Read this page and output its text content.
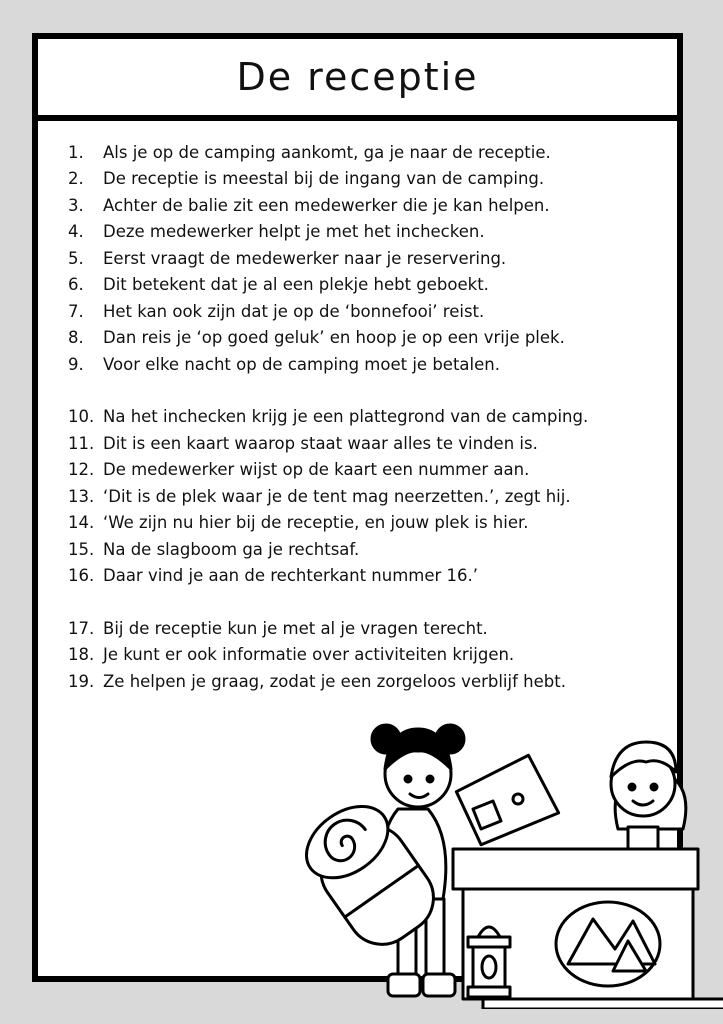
De receptie
1.	Als je op de camping aankomt, ga je naar de receptie.
2.	De receptie is meestal bij de ingang van de camping.
3.	Achter de balie zit een medewerker die je kan helpen.
4.	Deze medewerker helpt je met het inchecken.
5.	Eerst vraagt de medewerker naar je reservering.
6.	Dit betekent dat je al een plekje hebt geboekt.
7.	Het kan ook zijn dat je op de ‘bonnefooi’ reist.
8.	Dan reis je ‘op goed geluk’ en hoop je op een vrije plek.
9.	Voor elke nacht op de camping moet je betalen.
10. Na het inchecken krijg je een plattegrond van de camping.
11. Dit is een kaart waarop staat waar alles te vinden is.
12. De medewerker wijst op de kaart een nummer aan.
13. ‘Dit is de plek waar je de tent mag neerzetten.’, zegt hij.
14. ‘We zijn nu hier bij de receptie, en jouw plek is hier.
15. Na de slagboom ga je rechtsaf.
16. Daar vind je aan de rechterkant nummer 16.’
17. Bij de receptie kun je met al je vragen terecht.
18. Je kunt er ook informatie over activiteiten krijgen.
19. Ze helpen je graag, zodat je een zorgeloos verblijf hebt.
